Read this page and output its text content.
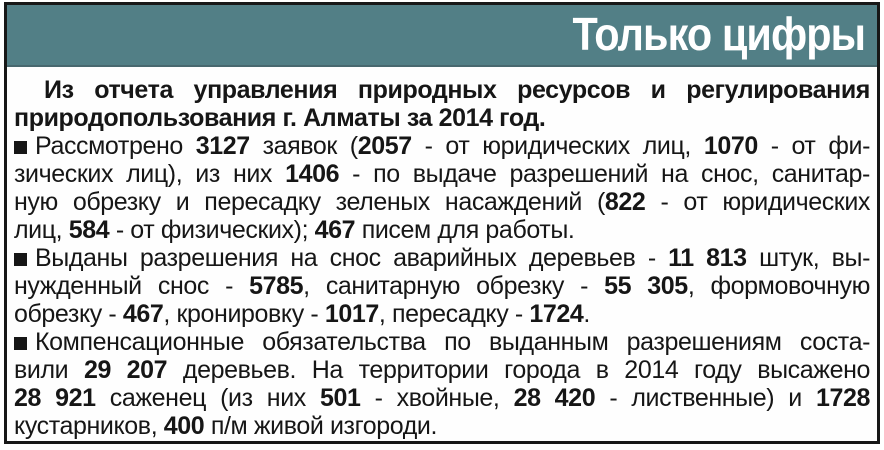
Только цифры
Из отчета управления природных ресурсов и регулирования
природопользования г. Алматы за 2014 год.
Рассмотрено 3127 заявок (2057 - от юридических лиц, 1070 - от фи-
зических лиц), из них 1406 - по выдаче разрешений на снос, санитар-
ную обрезку и пересадку зеленых насаждений (822 - от юридических
лиц, 584 - от физических); 467 писем для работы.
Выданы разрешения на снос аварийных деревьев - 11 813 штук, вы-
нужденный снос - 5785, санитарную обрезку - 55 305, формовочную
обрезку - 467, кронировку - 1017, пересадку - 1724.
Компенсационные обязательства по выданным разрешениям соста-
вили 29 207 деревьев. На территории города в 2014 году высажено
28 921 саженец (из них 501 - хвойные, 28 420 - лиственные) и 1728
кустарников, 400 п/м живой изгороди.
